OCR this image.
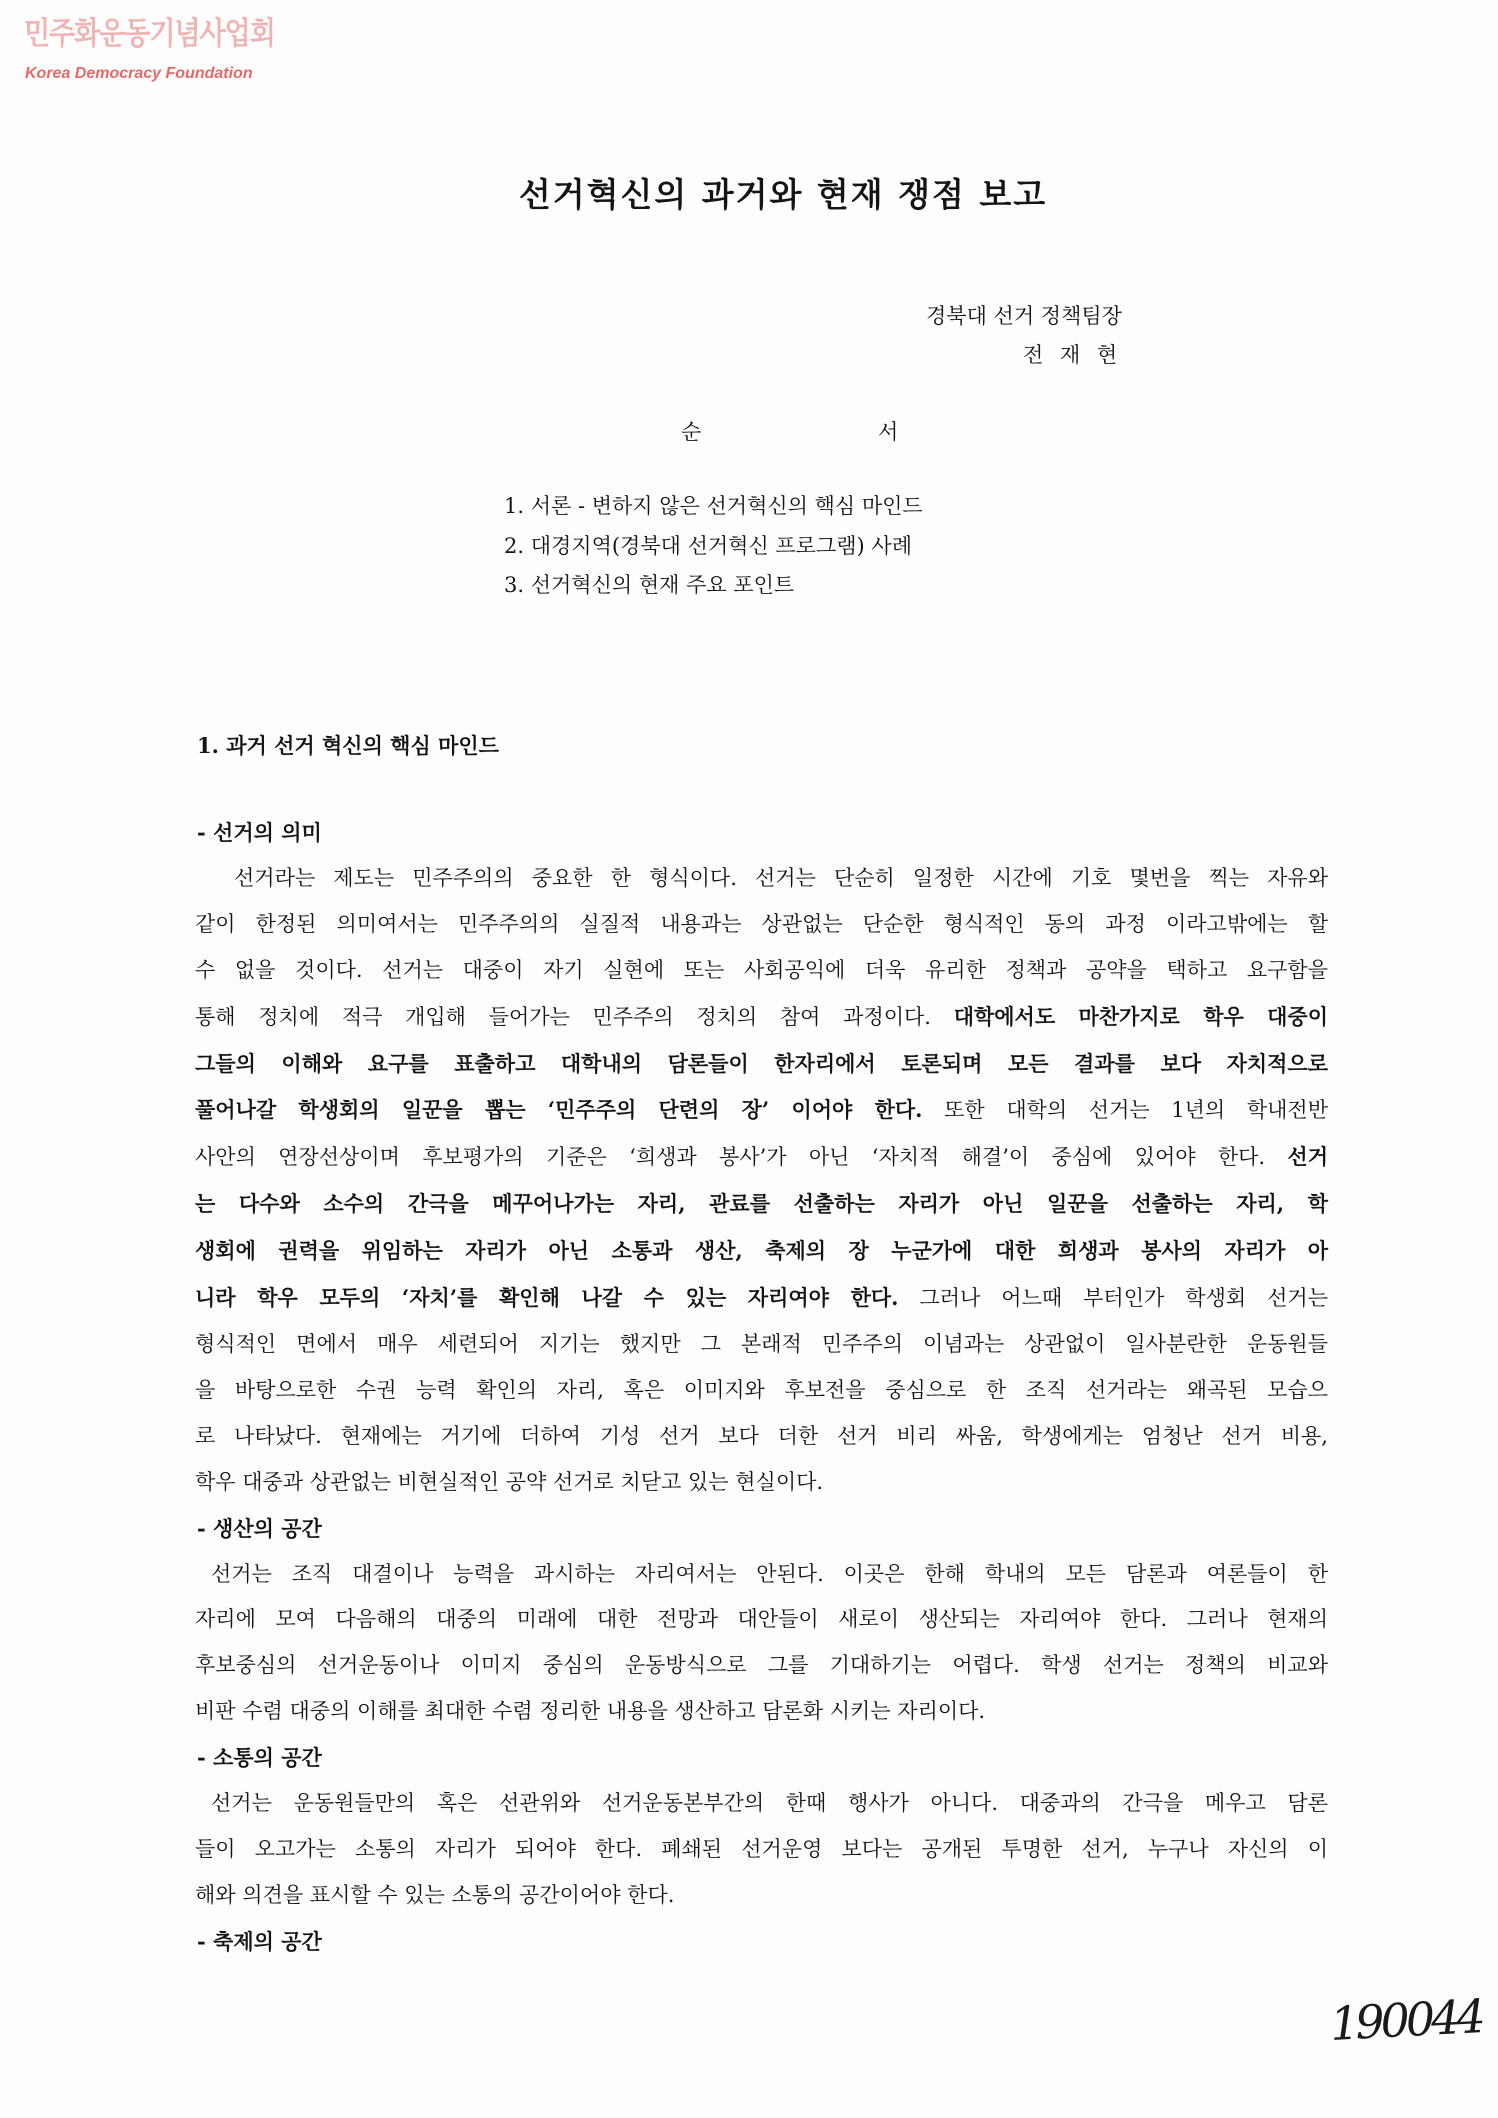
민주화운동기념사업회
Korea Democracy Foundation
선거혁신의 과거와 현재 쟁점 보고
경북대 선거 정책팀장
전 재 현
순 서
1. 서론 - 변하지 않은 선거혁신의 핵심 마인드
2. 대경지역(경북대 선거혁신 프로그램) 사례
3. 선거혁신의 현재 주요 포인트
1. 과거 선거 혁신의 핵심 마인드
- 선거의 의미
선거라는 제도는 민주주의의 중요한 한 형식이다. 선거는 단순히 일정한 시간에 기호 몇번을 찍는 자유와
같이 한정된 의미여서는 민주주의의 실질적 내용과는 상관없는 단순한 형식적인 동의 과정 이라고밖에는 할
수 없을 것이다. 선거는 대중이 자기 실현에 또는 사회공익에 더욱 유리한 정책과 공약을 택하고 요구함을
통해 정치에 적극 개입해 들어가는 민주주의 정치의 참여 과정이다. 대학에서도 마찬가지로 학우 대중이
그들의 이해와 요구를 표출하고 대학내의 담론들이 한자리에서 토론되며 모든 결과를 보다 자치적으로
풀어나갈 학생회의 일꾼을 뽑는 ‘민주주의 단련의 장’ 이어야 한다. 또한 대학의 선거는 1년의 학내전반
사안의 연장선상이며 후보평가의 기준은 ‘희생과 봉사’가 아닌 ‘자치적 해결’이 중심에 있어야 한다. 선거
는 다수와 소수의 간극을 메꾸어나가는 자리, 관료를 선출하는 자리가 아닌 일꾼을 선출하는 자리, 학
생회에 권력을 위임하는 자리가 아닌 소통과 생산, 축제의 장 누군가에 대한 희생과 봉사의 자리가 아
니라 학우 모두의 ‘자치’를 확인해 나갈 수 있는 자리여야 한다. 그러나 어느때 부터인가 학생회 선거는
형식적인 면에서 매우 세련되어 지기는 했지만 그 본래적 민주주의 이념과는 상관없이 일사분란한 운동원들
을 바탕으로한 수권 능력 확인의 자리, 혹은 이미지와 후보전을 중심으로 한 조직 선거라는 왜곡된 모습으
로 나타났다. 현재에는 거기에 더하여 기성 선거 보다 더한 선거 비리 싸움, 학생에게는 엄청난 선거 비용,
학우 대중과 상관없는 비현실적인 공약 선거로 치닫고 있는 현실이다.
- 생산의 공간
선거는 조직 대결이나 능력을 과시하는 자리여서는 안된다. 이곳은 한해 학내의 모든 담론과 여론들이 한
자리에 모여 다음해의 대중의 미래에 대한 전망과 대안들이 새로이 생산되는 자리여야 한다. 그러나 현재의
후보중심의 선거운동이나 이미지 중심의 운동방식으로 그를 기대하기는 어렵다. 학생 선거는 정책의 비교와
비판 수렴 대중의 이해를 최대한 수렴 정리한 내용을 생산하고 담론화 시키는 자리이다.
- 소통의 공간
선거는 운동원들만의 혹은 선관위와 선거운동본부간의 한때 행사가 아니다. 대중과의 간극을 메우고 담론
들이 오고가는 소통의 자리가 되어야 한다. 폐쇄된 선거운영 보다는 공개된 투명한 선거, 누구나 자신의 이
해와 의견을 표시할 수 있는 소통의 공간이어야 한다.
- 축제의 공간
190044
